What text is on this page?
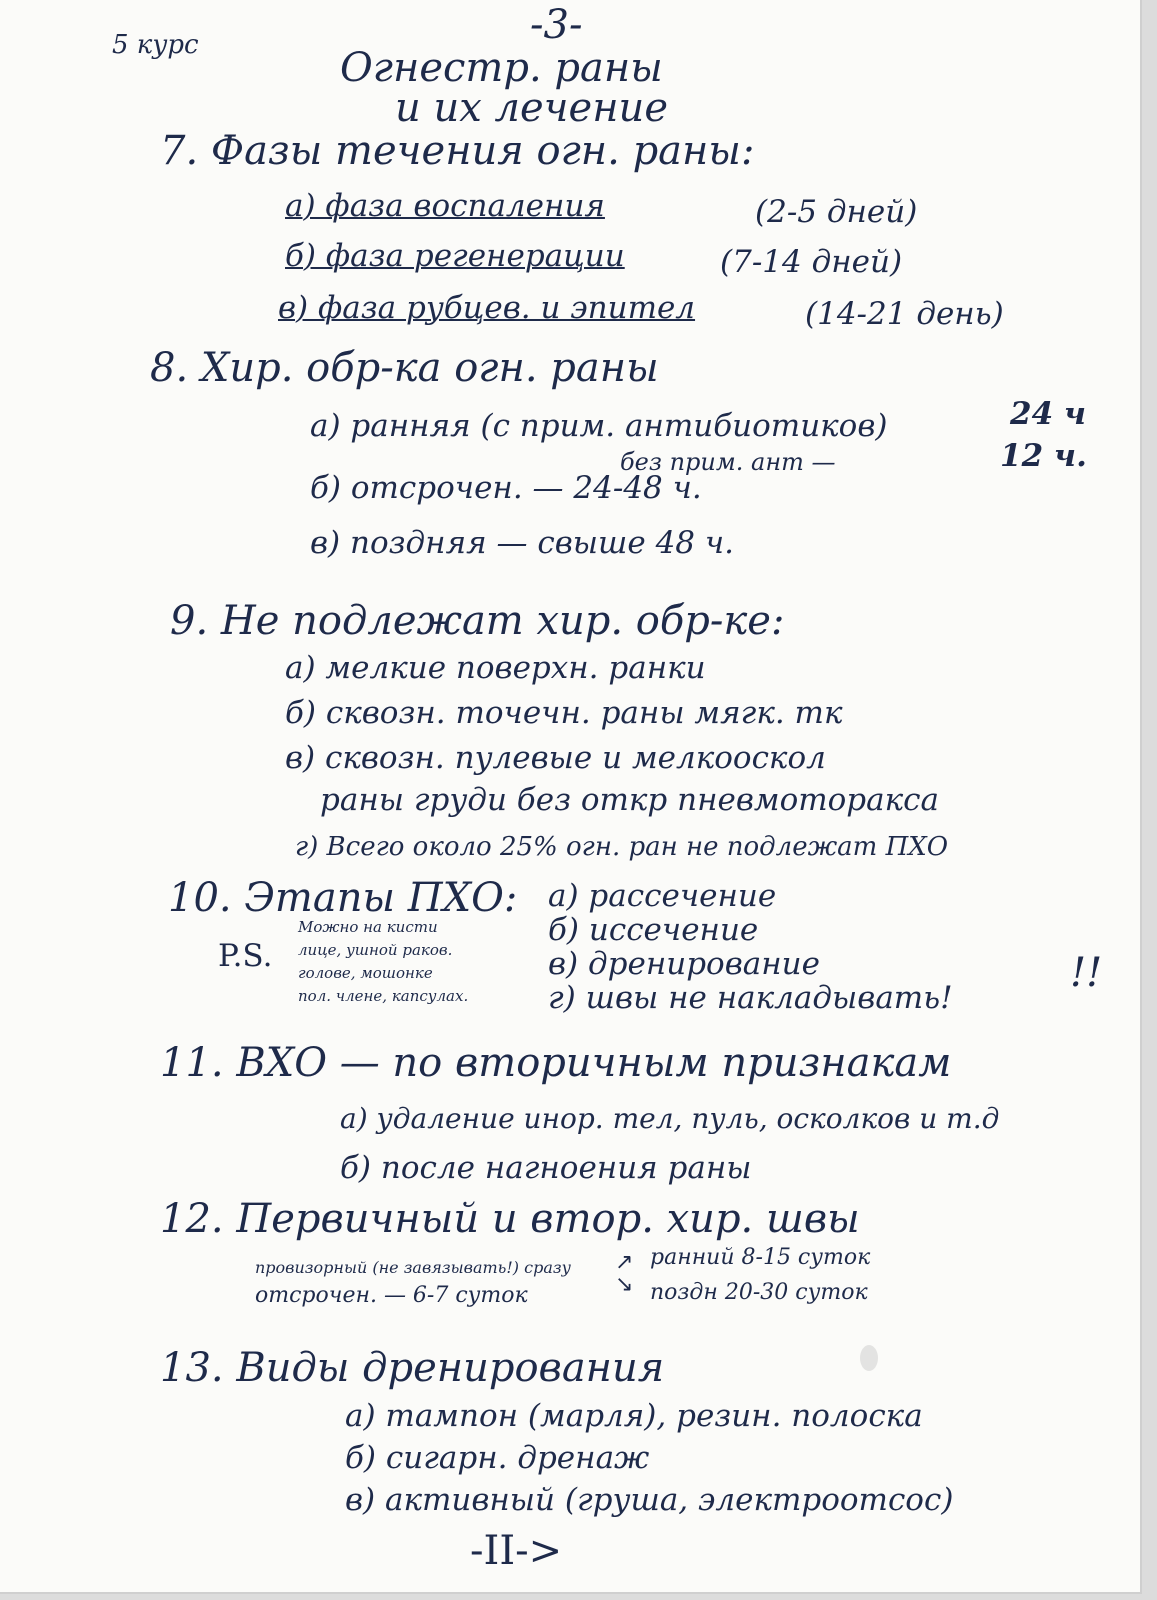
5 курс	-3-
Огнестр. раны
и их лечение
7. Фазы течения огн. раны:
а) фаза воспаления	(2-5 дней)
б) фаза регенерации	(7-14 дней)
в) фаза рубцев. и эпител	(14-21 день)
8. Хир. обр-ка огн. раны
а) ранняя (с прим. антибиотиков)	24 ч
без прим. ант —	12 ч.
б) отсрочен. — 24-48 ч.
в) поздняя — свыше 48 ч.
9. Не подлежат хир. обр-ке:
а) мелкие поверхн. ранки
б) сквозн. точечн. раны мягк. тк
в) сквозн. пулевые и мелкооскол
раны груди без откр пневмоторакса
г) Всего около 25% огн. ран не подлежат ПХО
10. Этапы ПХО: а) рассечение
б) иссечение
в) дренирование
г) швы не накладывать!
!!
P.S.
Можно на кисти
лице, ушной раков.
голове, мошонке
пол. члене, капсулах.
11. ВХО — по вторичным признакам
а) удаление инор. тел, пуль, осколков и т.д
б) после нагноения раны
12. Первичный и втор. хир. швы
провизорный (не завязывать!) сразу
отсрочен. — 6-7 суток
↗
↘
ранний 8-15 суток
поздн 20-30 суток
13. Виды дренирования
а) тампон (марля), резин. полоска
б) сигарн. дренаж
в) активный (груша, электроотсос)
-II->
